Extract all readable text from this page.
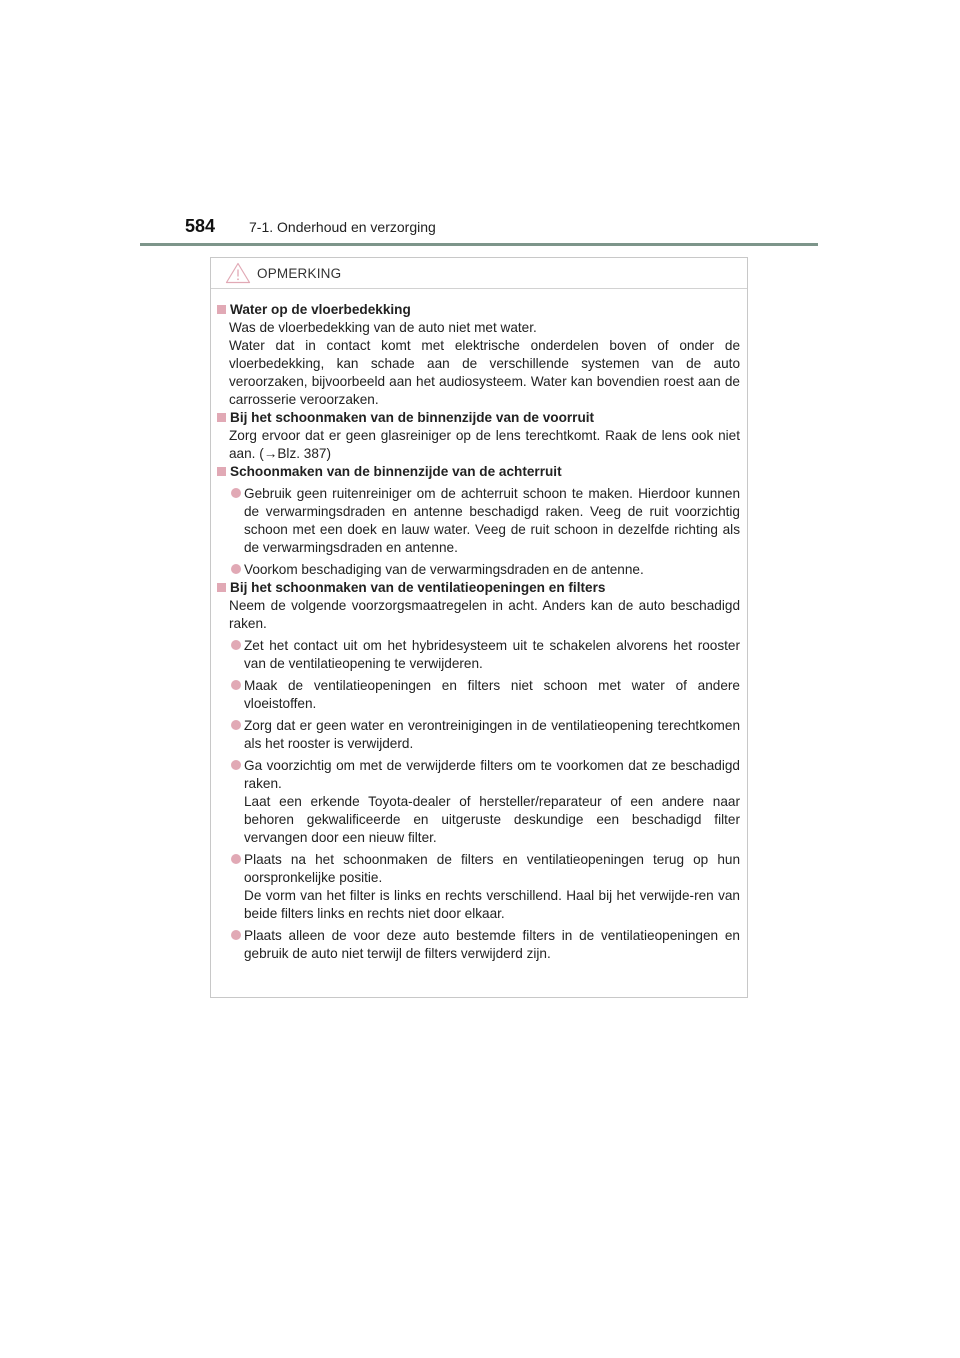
584	7-1. Onderhoud en verzorging
OPMERKING
Water op de vloerbedekking
Was de vloerbedekking van de auto niet met water.
Water dat in contact komt met elektrische onderdelen boven of onder de vloerbedekking, kan schade aan de verschillende systemen van de auto veroorzaken, bijvoorbeeld aan het audiosysteem. Water kan bovendien roest aan de carrosserie veroorzaken.
Bij het schoonmaken van de binnenzijde van de voorruit
Zorg ervoor dat er geen glasreiniger op de lens terechtkomt. Raak de lens ook niet aan. (→Blz. 387)
Schoonmaken van de binnenzijde van de achterruit
Gebruik geen ruitenreiniger om de achterruit schoon te maken. Hierdoor kunnen de verwarmingsdraden en antenne beschadigd raken. Veeg de ruit voorzichtig schoon met een doek en lauw water. Veeg de ruit schoon in dezelfde richting als de verwarmingsdraden en antenne.
Voorkom beschadiging van de verwarmingsdraden en de antenne.
Bij het schoonmaken van de ventilatieopeningen en filters
Neem de volgende voorzorgsmaatregelen in acht. Anders kan de auto beschadigd raken.
Zet het contact uit om het hybridesysteem uit te schakelen alvorens het rooster van de ventilatieopening te verwijderen.
Maak de ventilatieopeningen en filters niet schoon met water of andere vloeistoffen.
Zorg dat er geen water en verontreinigingen in de ventilatieopening terechtkomen als het rooster is verwijderd.
Ga voorzichtig om met de verwijderde filters om te voorkomen dat ze beschadigd raken.
Laat een erkende Toyota-dealer of hersteller/reparateur of een andere naar behoren gekwalificeerde en uitgeruste deskundige een beschadigd filter vervangen door een nieuw filter.
Plaats na het schoonmaken de filters en ventilatieopeningen terug op hun oorspronkelijke positie.
De vorm van het filter is links en rechts verschillend. Haal bij het verwijde-ren van beide filters links en rechts niet door elkaar.
Plaats alleen de voor deze auto bestemde filters in de ventilatieopeningen en gebruik de auto niet terwijl de filters verwijderd zijn.
